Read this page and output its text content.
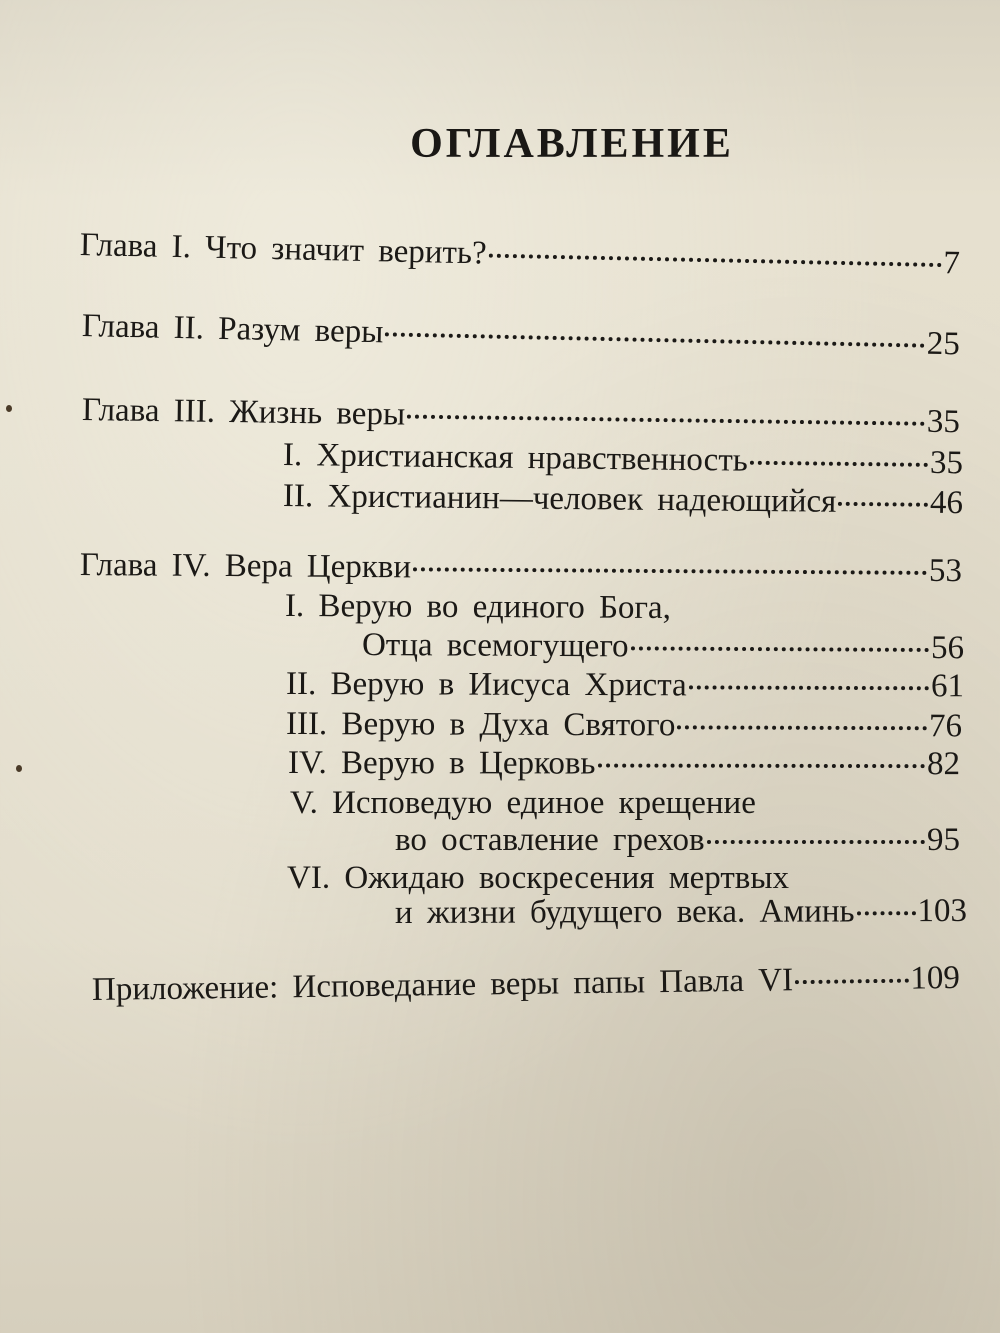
ОГЛАВЛЕНИЕ
Глава I. Что значит верить?	7
Глава II. Разум веры	25
Глава III. Жизнь веры	35
I. Христианская нравственность	35
II. Христианин—человек надеющийся	46
Глава IV. Вера Церкви	53
I. Верую во единого Бога,
Отца всемогущего	56
II. Верую в Иисуса Христа	61
III. Верую в Духа Святого	76
IV. Верую в Церковь	82
V. Исповедую единое крещение
во оставление грехов	95
VI. Ожидаю воскресения мертвых
и жизни будущего века. Аминь 103
Приложение: Исповедание веры папы Павла VI	109
